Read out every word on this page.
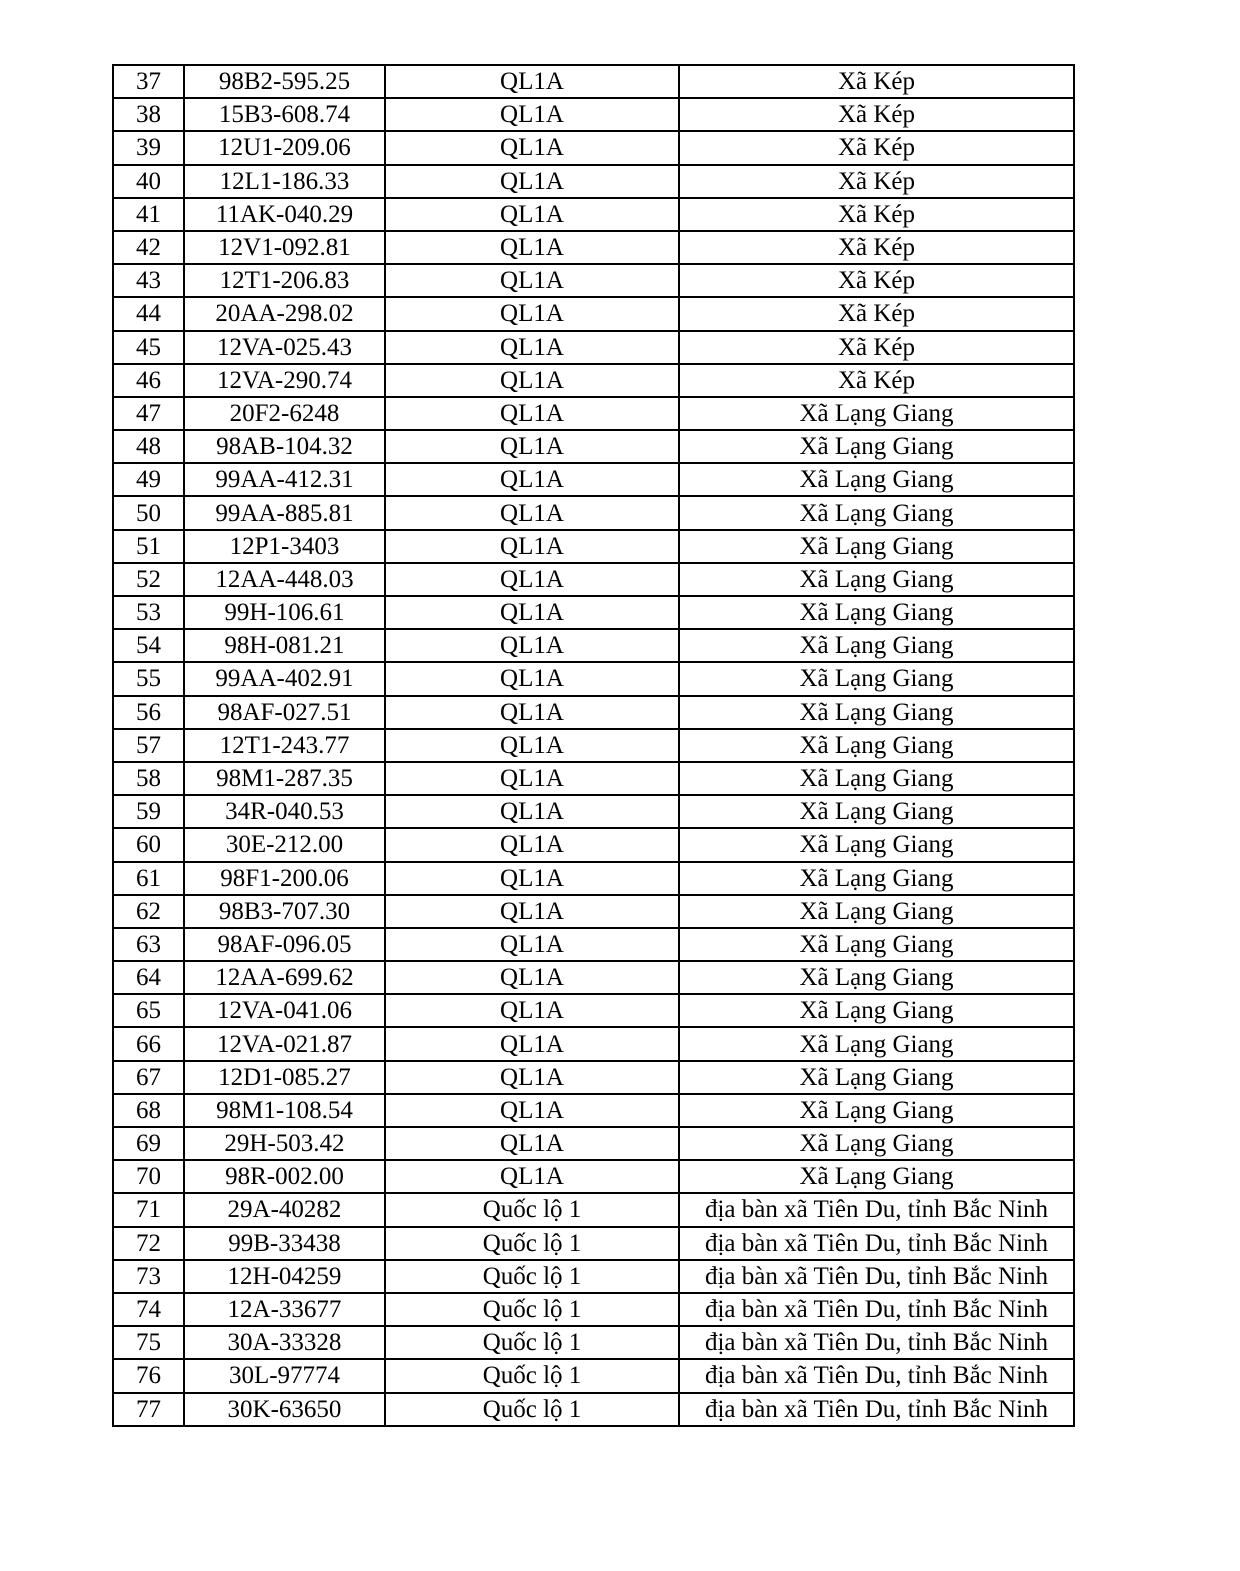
37	98B2-595.25	QL1A	Xã Kép
38	15B3-608.74	QL1A	Xã Kép
39	12U1-209.06	QL1A	Xã Kép
40	12L1-186.33	QL1A	Xã Kép
41	11AK-040.29	QL1A	Xã Kép
42	12V1-092.81	QL1A	Xã Kép
43	12T1-206.83	QL1A	Xã Kép
44	20AA-298.02	QL1A	Xã Kép
45	12VA-025.43	QL1A	Xã Kép
46	12VA-290.74	QL1A	Xã Kép
47	20F2-6248	QL1A	Xã Lạng Giang
48	98AB-104.32	QL1A	Xã Lạng Giang
49	99AA-412.31	QL1A	Xã Lạng Giang
50	99AA-885.81	QL1A	Xã Lạng Giang
51	12P1-3403	QL1A	Xã Lạng Giang
52	12AA-448.03	QL1A	Xã Lạng Giang
53	99H-106.61	QL1A	Xã Lạng Giang
54	98H-081.21	QL1A	Xã Lạng Giang
55	99AA-402.91	QL1A	Xã Lạng Giang
56	98AF-027.51	QL1A	Xã Lạng Giang
57	12T1-243.77	QL1A	Xã Lạng Giang
58	98M1-287.35	QL1A	Xã Lạng Giang
59	34R-040.53	QL1A	Xã Lạng Giang
60	30E-212.00	QL1A	Xã Lạng Giang
61	98F1-200.06	QL1A	Xã Lạng Giang
62	98B3-707.30	QL1A	Xã Lạng Giang
63	98AF-096.05	QL1A	Xã Lạng Giang
64	12AA-699.62	QL1A	Xã Lạng Giang
65	12VA-041.06	QL1A	Xã Lạng Giang
66	12VA-021.87	QL1A	Xã Lạng Giang
67	12D1-085.27	QL1A	Xã Lạng Giang
68	98M1-108.54	QL1A	Xã Lạng Giang
69	29H-503.42	QL1A	Xã Lạng Giang
70	98R-002.00	QL1A	Xã Lạng Giang
71	29A-40282	Quốc lộ 1	địa bàn xã Tiên Du, tỉnh Bắc Ninh
72	99B-33438	Quốc lộ 1	địa bàn xã Tiên Du, tỉnh Bắc Ninh
73	12H-04259	Quốc lộ 1	địa bàn xã Tiên Du, tỉnh Bắc Ninh
74	12A-33677	Quốc lộ 1	địa bàn xã Tiên Du, tỉnh Bắc Ninh
75	30A-33328	Quốc lộ 1	địa bàn xã Tiên Du, tỉnh Bắc Ninh
76	30L-97774	Quốc lộ 1	địa bàn xã Tiên Du, tỉnh Bắc Ninh
77	30K-63650	Quốc lộ 1	địa bàn xã Tiên Du, tỉnh Bắc Ninh
